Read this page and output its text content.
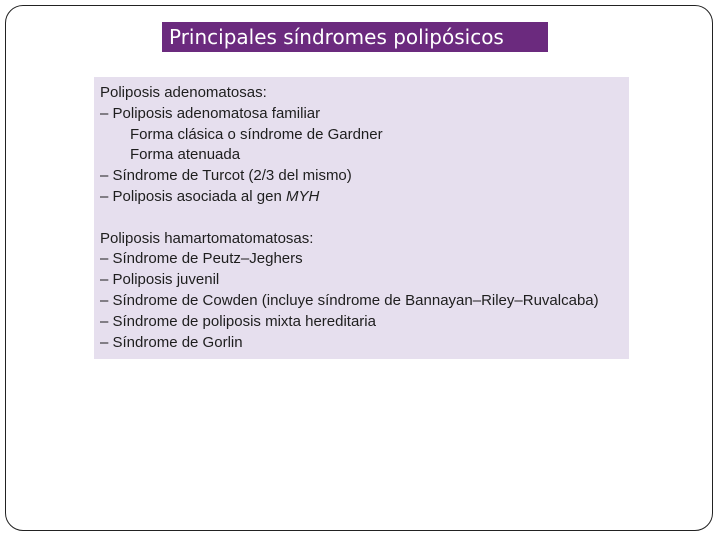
Principales síndromes polipósicos
Poliposis adenomatosas:
– Poliposis adenomatosa familiar
Forma clásica o síndrome de Gardner
Forma atenuada
– Síndrome de Turcot (2/3 del mismo)
– Poliposis asociada al gen MYH
Poliposis hamartomatomatosas:
– Síndrome de Peutz–Jeghers
– Poliposis juvenil
– Síndrome de Cowden (incluye síndrome de Bannayan–Riley–Ruvalcaba)
– Síndrome de poliposis mixta hereditaria
– Síndrome de Gorlin
